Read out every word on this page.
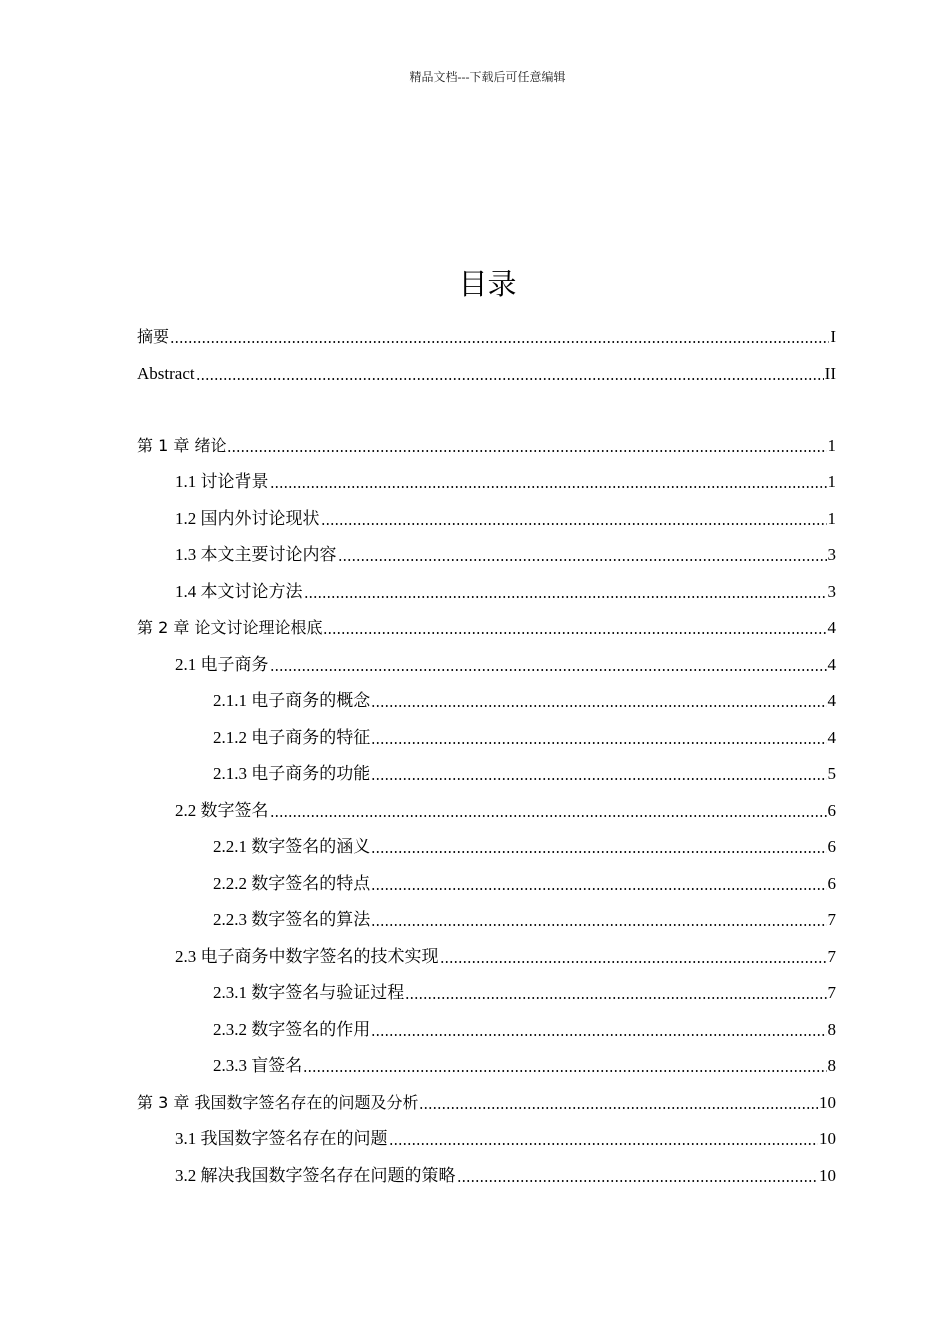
精品文档---下载后可任意编辑
目录
摘要	I
Abstract	II
第 1 章 绪论	1
1.1 讨论背景	1
1.2 国内外讨论现状	1
1.3 本文主要讨论内容	3
1.4 本文讨论方法	3
第 2 章 论文讨论理论根底	4
2.1 电子商务	4
2.1.1 电子商务的概念	4
2.1.2 电子商务的特征	4
2.1.3 电子商务的功能	5
2.2 数字签名	6
2.2.1 数字签名的涵义	6
2.2.2 数字签名的特点	6
2.2.3 数字签名的算法	7
2.3 电子商务中数字签名的技术实现	7
2.3.1 数字签名与验证过程	7
2.3.2 数字签名的作用	8
2.3.3 盲签名	8
第 3 章 我国数字签名存在的问题及分析	10
3.1 我国数字签名存在的问题	10
3.2 解决我国数字签名存在问题的策略	10
